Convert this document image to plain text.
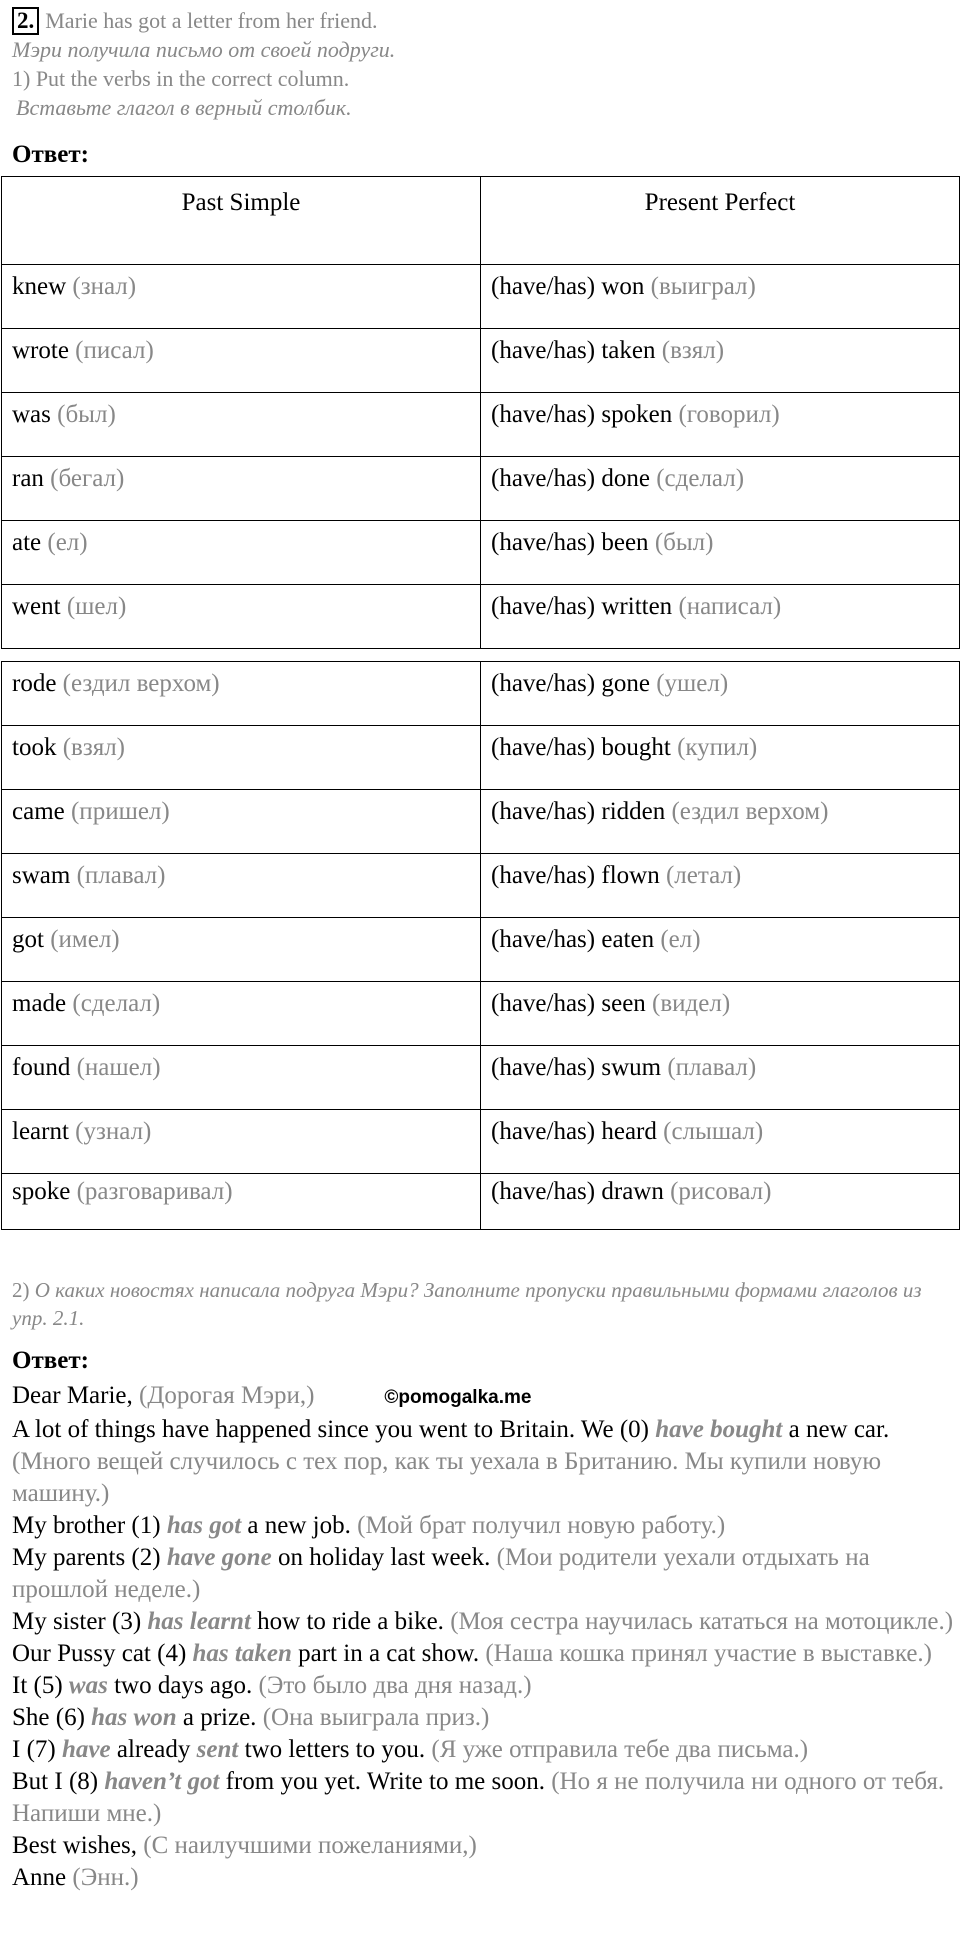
2. Marie has got a letter from her friend.
Мэри получила письмо от своей подруги.
1) Put the verbs in the correct column.
Вставьте глагол в верный столбик.
Ответ:
Past Simple	Present Perfect
knew (знал)	(have/has) won (выиграл)
wrote (писал)	(have/has) taken (взял)
was (был)	(have/has) spoken (говорил)
ran (бегал)	(have/has) done (сделал)
ate (ел)	(have/has) been (был)
went (шел)	(have/has) written (написал)
rode (ездил верхом)	(have/has) gone (ушел)
took (взял)	(have/has) bought (купил)
came (пришел)	(have/has) ridden (ездил верхом)
swam (плавал)	(have/has) flown (летал)
got (имел)	(have/has) eaten (ел)
made (сделал)	(have/has) seen (видел)
found (нашел)	(have/has) swum (плавал)
learnt (узнал)	(have/has) heard (слышал)
spoke (разговаривал)	(have/has) drawn (рисовал)
2) О каких новостях написала подруга Мэри? Заполните пропуски правильными формами глаголов из упр. 2.1.
Ответ:
Dear Marie, (Дорогая Мэри,)	©pomogalka.me
A lot of things have happened since you went to Britain. We (0) have bought a new car. (Много вещей случилось с тех пор, как ты уехала в Британию. Мы купили новую машину.)
My brother (1) has got a new job. (Мой брат получил новую работу.)
My parents (2) have gone on holiday last week. (Мои родители уехали отдыхать на прошлой неделе.)
My sister (3) has learnt how to ride a bike. (Моя сестра научилась кататься на мотоцикле.)
Our Pussy cat (4) has taken part in a cat show. (Наша кошка принял участие в выставке.)
It (5) was two days ago. (Это было два дня назад.)
She (6) has won a prize. (Она выиграла приз.)
I (7) have already sent two letters to you. (Я уже отправила тебе два письма.)
But I (8) haven’t got from you yet. Write to me soon. (Но я не получила ни одного от тебя. Напиши мне.)
Best wishes, (С наилучшими пожеланиями,)
Anne (Энн.)
